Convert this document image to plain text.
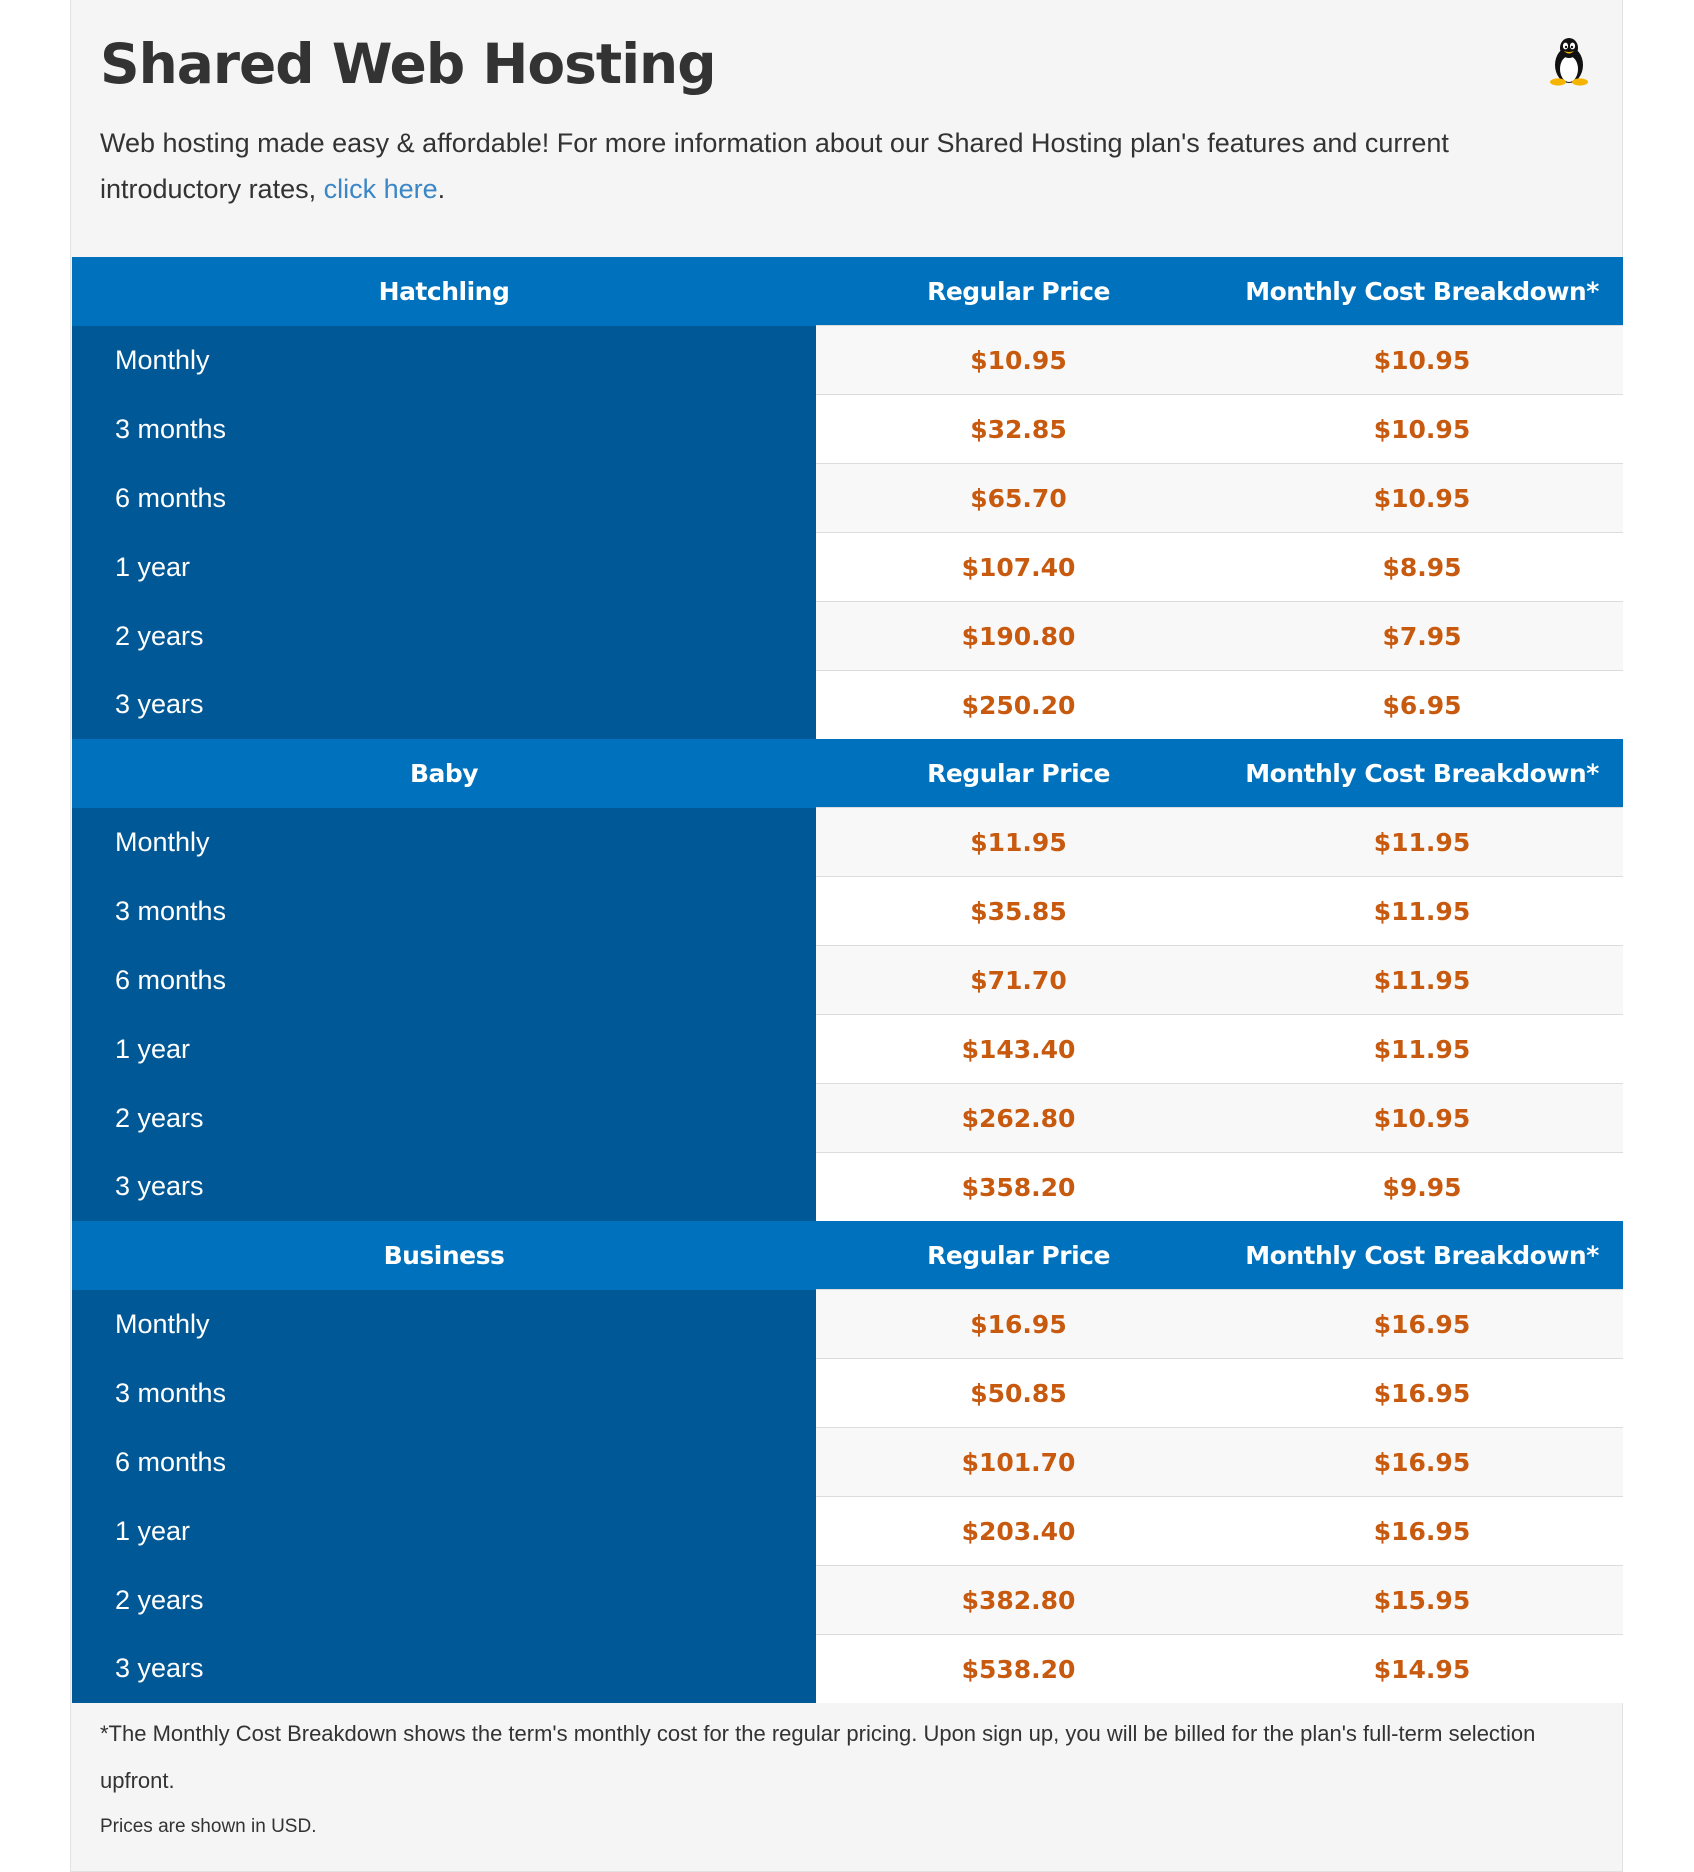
Shared Web Hosting

Web hosting made easy & affordable! For more information about our Shared Hosting plan's features and current introductory rates, click here.

Hatchling	Regular Price	Monthly Cost Breakdown*
Monthly	$10.95	$10.95
3 months	$32.85	$10.95
6 months	$65.70	$10.95
1 year	$107.40	$8.95
2 years	$190.80	$7.95
3 years	$250.20	$6.95
Baby	Regular Price	Monthly Cost Breakdown*
Monthly	$11.95	$11.95
3 months	$35.85	$11.95
6 months	$71.70	$11.95
1 year	$143.40	$11.95
2 years	$262.80	$10.95
3 years	$358.20	$9.95
Business	Regular Price	Monthly Cost Breakdown*
Monthly	$16.95	$16.95
3 months	$50.85	$16.95
6 months	$101.70	$16.95
1 year	$203.40	$16.95
2 years	$382.80	$15.95
3 years	$538.20	$14.95

*The Monthly Cost Breakdown shows the term's monthly cost for the regular pricing. Upon sign up, you will be billed for the plan's full-term selection upfront.

Prices are shown in USD.
